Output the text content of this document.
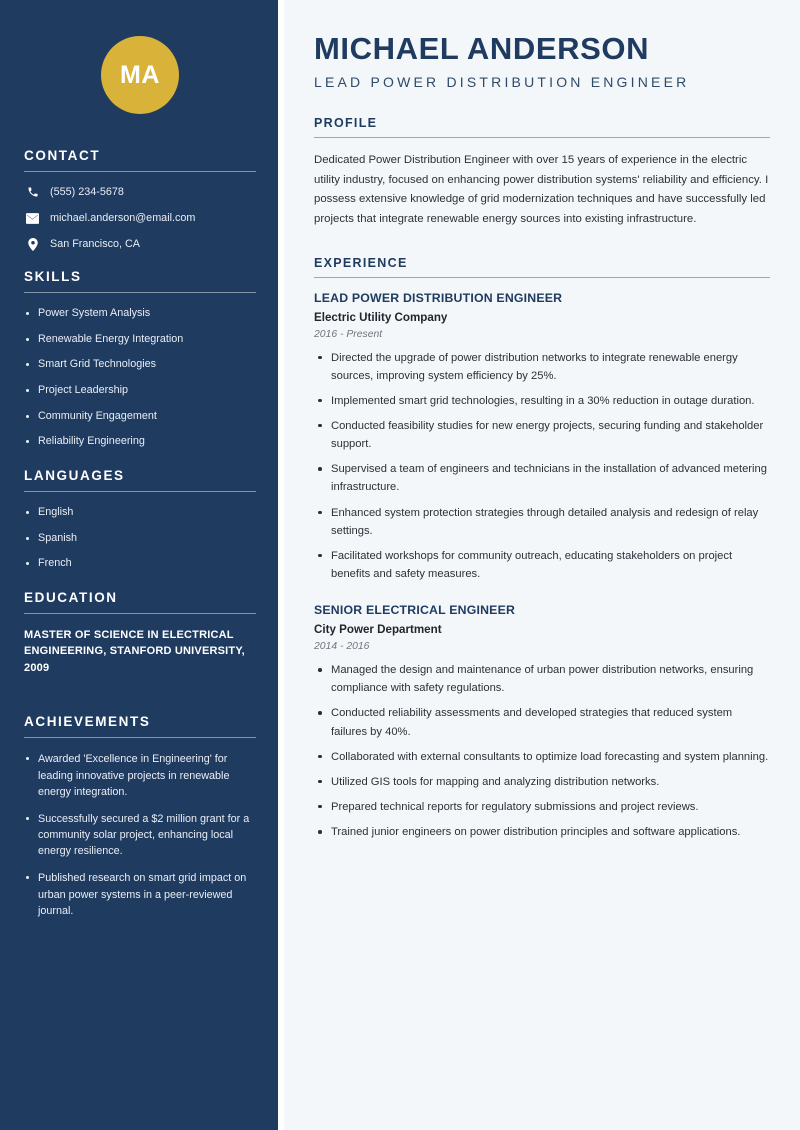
MA
CONTACT
(555) 234-5678
michael.anderson@email.com
San Francisco, CA
SKILLS
Power System Analysis
Renewable Energy Integration
Smart Grid Technologies
Project Leadership
Community Engagement
Reliability Engineering
LANGUAGES
English
Spanish
French
EDUCATION
MASTER OF SCIENCE IN ELECTRICAL ENGINEERING, STANFORD UNIVERSITY, 2009
ACHIEVEMENTS
Awarded 'Excellence in Engineering' for leading innovative projects in renewable energy integration.
Successfully secured a $2 million grant for a community solar project, enhancing local energy resilience.
Published research on smart grid impact on urban power systems in a peer-reviewed journal.
MICHAEL ANDERSON
LEAD POWER DISTRIBUTION ENGINEER
PROFILE

Dedicated Power Distribution Engineer with over 15 years of experience in the electric utility industry, focused on enhancing power distribution systems' reliability and efficiency. I possess extensive knowledge of grid modernization techniques and have successfully led projects that integrate renewable energy sources into existing infrastructure.

EXPERIENCE
LEAD POWER DISTRIBUTION ENGINEER
Electric Utility Company
2016 - Present
Directed the upgrade of power distribution networks to integrate renewable energy sources, improving system efficiency by 25%.
Implemented smart grid technologies, resulting in a 30% reduction in outage duration.
Conducted feasibility studies for new energy projects, securing funding and stakeholder support.
Supervised a team of engineers and technicians in the installation of advanced metering infrastructure.
Enhanced system protection strategies through detailed analysis and redesign of relay settings.
Facilitated workshops for community outreach, educating stakeholders on project benefits and safety measures.
SENIOR ELECTRICAL ENGINEER
City Power Department
2014 - 2016
Managed the design and maintenance of urban power distribution networks, ensuring compliance with safety regulations.
Conducted reliability assessments and developed strategies that reduced system failures by 40%.
Collaborated with external consultants to optimize load forecasting and system planning.
Utilized GIS tools for mapping and analyzing distribution networks.
Prepared technical reports for regulatory submissions and project reviews.
Trained junior engineers on power distribution principles and software applications.
